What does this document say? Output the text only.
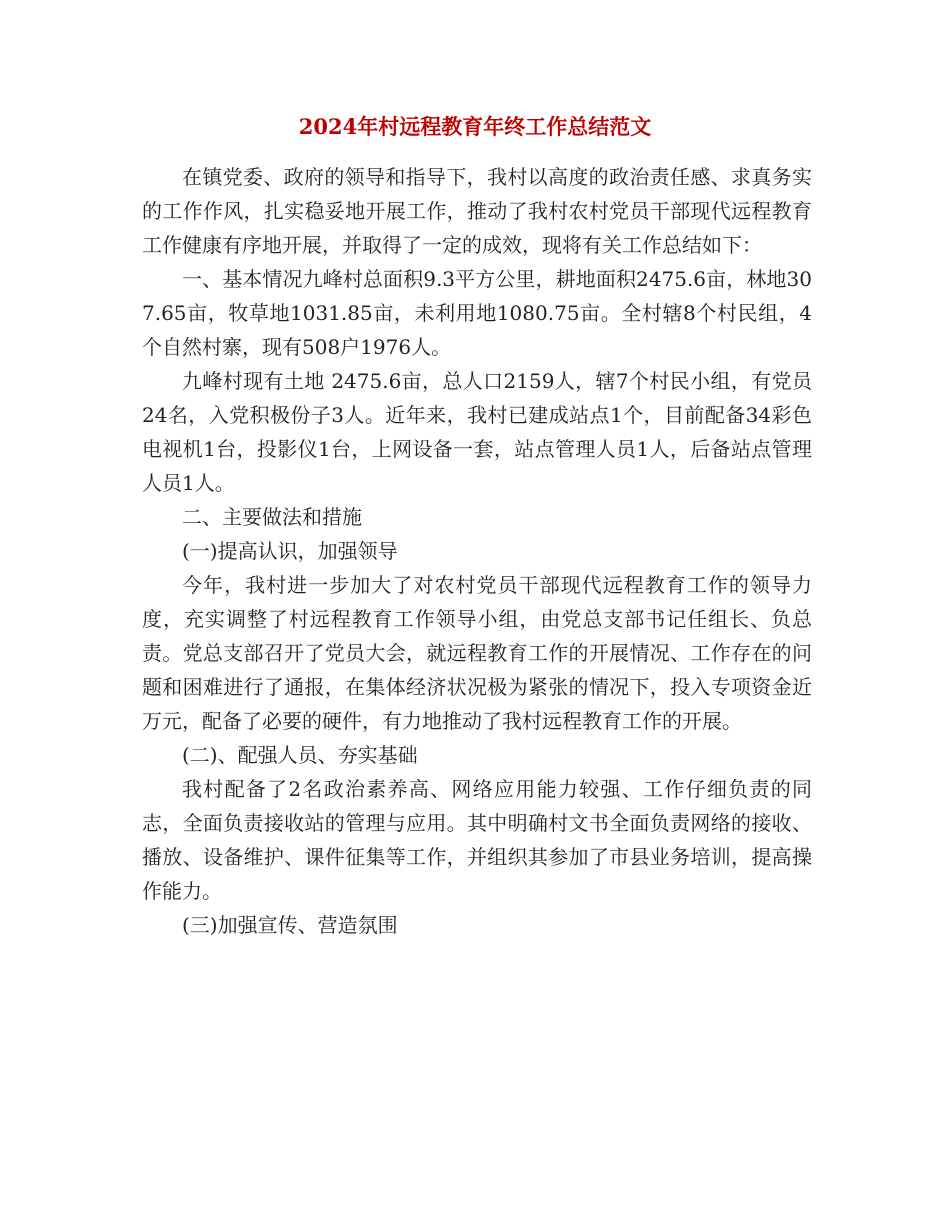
2024年村远程教育年终工作总结范文

在镇党委、政府的领导和指导下，我村以高度的政治责任感、求真务实的工作作风，扎实稳妥地开展工作，推动了我村农村党员干部现代远程教育工作健康有序地开展，并取得了一定的成效，现将有关工作总结如下：

一、基本情况九峰村总面积9.3平方公里，耕地面积2475.6亩，林地307.65亩，牧草地1031.85亩，未利用地1080.75亩。全村辖8个村民组，4个自然村寨，现有508户1976人。

九峰村现有土地 2475.6亩，总人口2159人，辖7个村民小组，有党员24名，入党积极份子3人。近年来，我村已建成站点1个，目前配备34彩色电视机1台，投影仪1台，上网设备一套，站点管理人员1人，后备站点管理人员1人。

二、主要做法和措施

(一)提高认识，加强领导

今年，我村进一步加大了对农村党员干部现代远程教育工作的领导力度，充实调整了村远程教育工作领导小组，由党总支部书记任组长、负总责。党总支部召开了党员大会，就远程教育工作的开展情况、工作存在的问题和困难进行了通报，在集体经济状况极为紧张的情况下，投入专项资金近万元，配备了必要的硬件，有力地推动了我村远程教育工作的开展。

(二)、配强人员、夯实基础

我村配备了2名政治素养高、网络应用能力较强、工作仔细负责的同志，全面负责接收站的管理与应用。其中明确村文书全面负责网络的接收、播放、设备维护、课件征集等工作，并组织其参加了市县业务培训，提高操作能力。

(三)加强宣传、营造氛围
